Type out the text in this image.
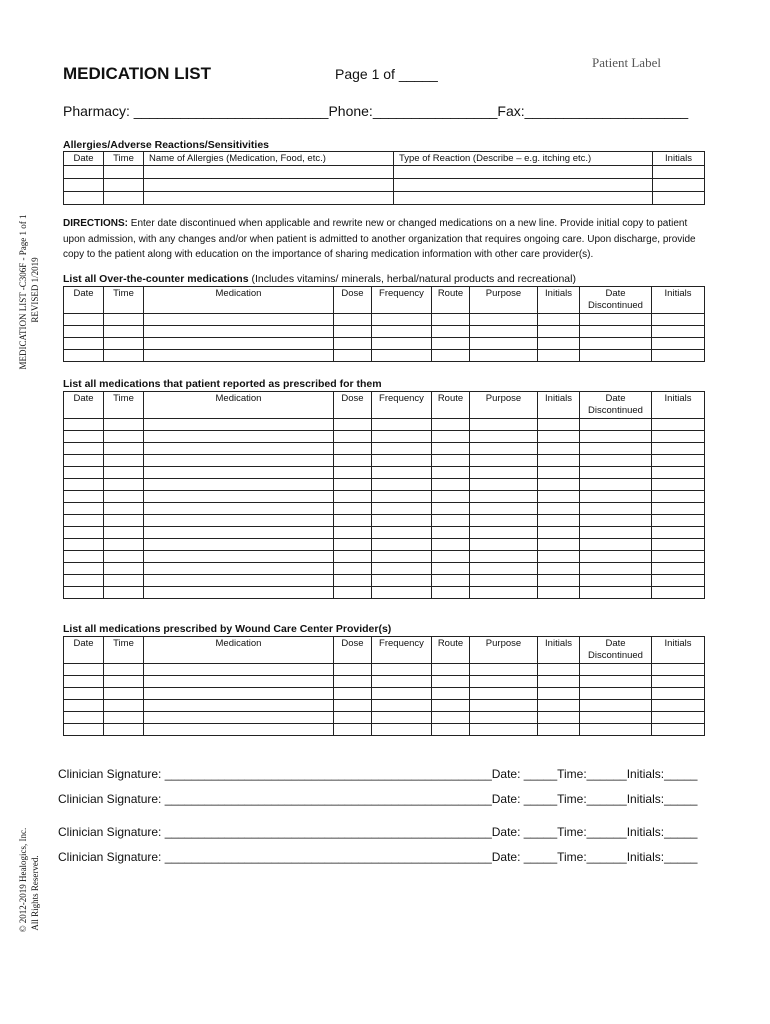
MEDICATION LIST	Page 1 of _____
Patient Label
Pharmacy: _________________________Phone:________________Fax:_____________________
MEDICATION LIST -C306F - Page 1 of 1 REVISED 1/2019
© 2012-2019 Healogics, Inc. All Rights Reserved.
Allergies/Adverse Reactions/Sensitivities
Date	Time	Name of Allergies (Medication, Food, etc.)	Type of Reaction (Describe – e.g. itching etc.)	Initials

DIRECTIONS: Enter date discontinued when applicable and rewrite new or changed medications on a new line. Provide initial copy to patient upon admission, with any changes and/or when patient is admitted to another organization that requires ongoing care. Upon discharge, provide copy to the patient along with education on the importance of sharing medication information with other care provider(s).
List all Over-the-counter medications (Includes vitamins/ minerals, herbal/natural products and recreational)
Date	Time	Medication	Dose	Frequency	Route	Purpose	Initials	Date
Discontinued	Initials

List all medications that patient reported as prescribed for them
Date	Time	Medication	Dose	Frequency	Route	Purpose	Initials	Date
Discontinued	Initials

List all medications prescribed by Wound Care Center Provider(s)
Date	Time	Medication	Dose	Frequency	Route	Purpose	Initials	Date
Discontinued	Initials

Clinician Signature: _________________________________________________Date: _____Time:______Initials:_____
Clinician Signature: _________________________________________________Date: _____Time:______Initials:_____
Clinician Signature: _________________________________________________Date: _____Time:______Initials:_____
Clinician Signature: _________________________________________________Date: _____Time:______Initials:_____
